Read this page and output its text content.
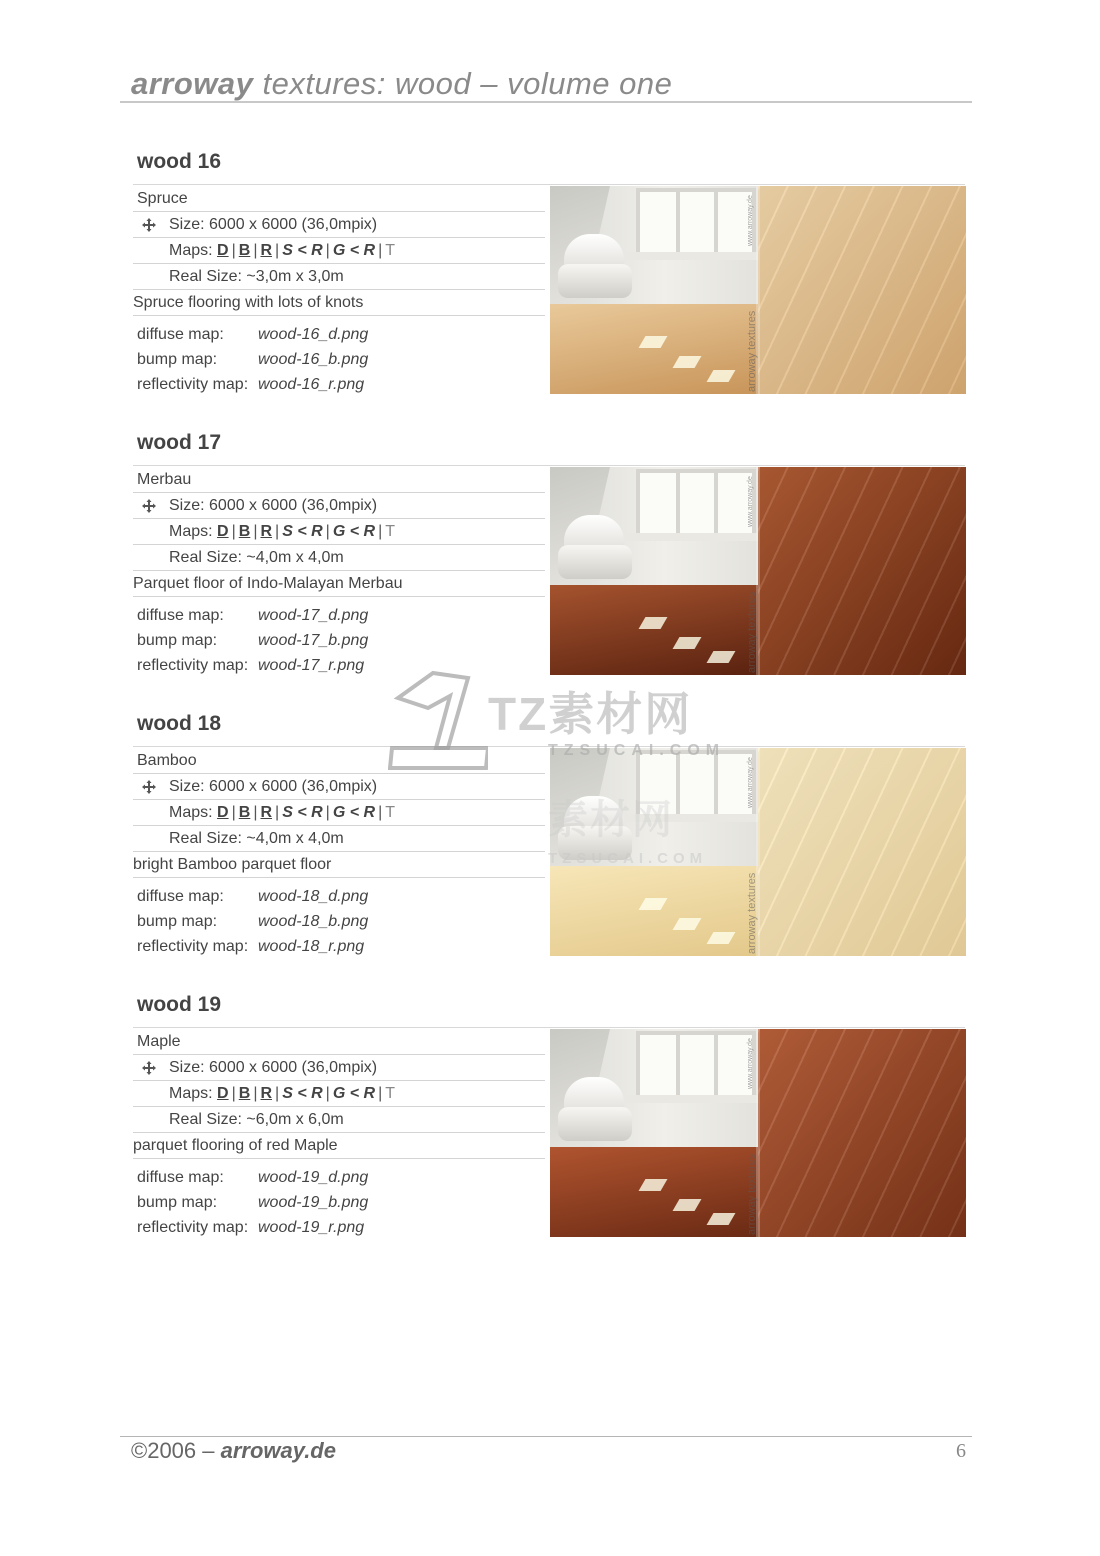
arroway textures: wood – volume one
wood 16
Spruce
Size: 6000 x 6000 (36,0mpix)
Maps: D | B | R | S < R | G < R | T
Real Size: ~3,0m x 3,0m
Spruce flooring with lots of knots
diffuse map: wood-16_d.png
bump map:	wood-16_b.png
reflectivity map: wood-16_r.png
www.arroway.de
arroway textures
wood 17
Merbau
Size: 6000 x 6000 (36,0mpix)
Maps: D | B | R | S < R | G < R | T
Real Size: ~4,0m x 4,0m
Parquet floor of Indo-Malayan Merbau
diffuse map: wood-17_d.png
bump map:	wood-17_b.png
reflectivity map: wood-17_r.png
www.arroway.de
arroway textures
wood 18
Bamboo
Size: 6000 x 6000 (36,0mpix)
Maps: D | B | R | S < R | G < R | T
Real Size: ~4,0m x 4,0m
bright Bamboo parquet floor
diffuse map: wood-18_d.png
bump map:	wood-18_b.png
reflectivity map: wood-18_r.png
www.arroway.de
arroway textures
wood 19
Maple
Size: 6000 x 6000 (36,0mpix)
Maps: D | B | R | S < R | G < R | T
Real Size: ~6,0m x 6,0m
parquet flooring of red Maple
diffuse map: wood-19_d.png
bump map:	wood-19_b.png
reflectivity map: wood-19_r.png
www.arroway.de
arroway textures
TZ素材网
TZSUCAI.COM
素材网
TZSUCAI.COM
©2006 – arroway.de	6
